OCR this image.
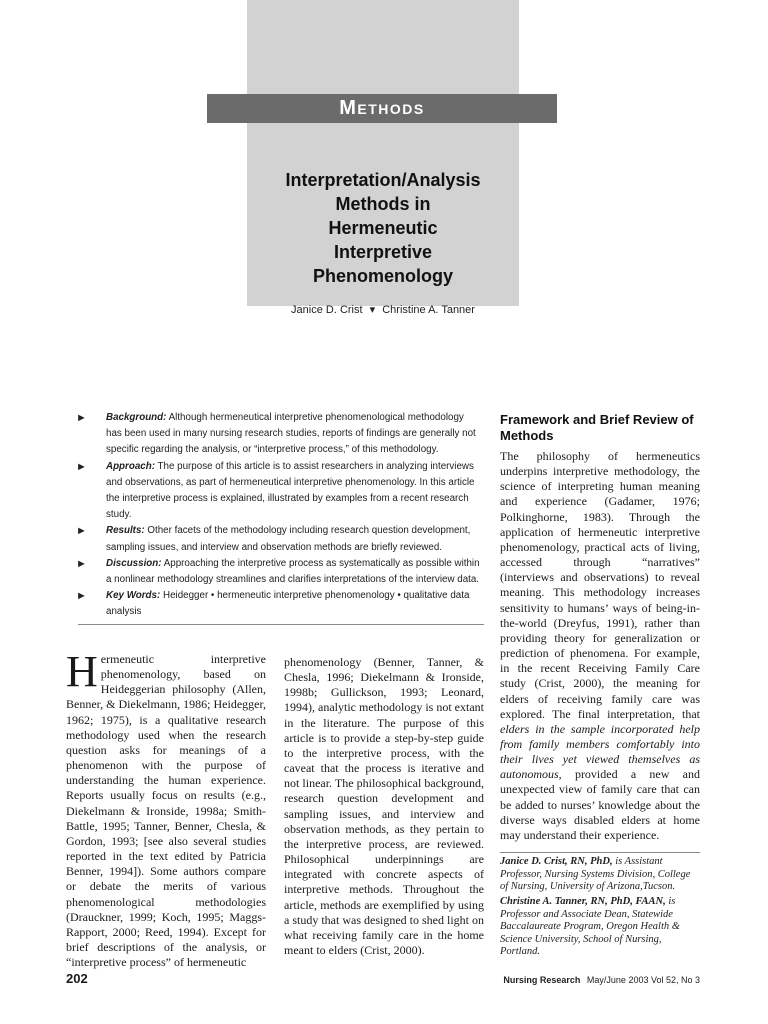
Methods
Interpretation/Analysis
Methods in
Hermeneutic
Interpretive
Phenomenology
Janice D. Crist ▾ Christine A. Tanner
► Background: Although hermeneutical interpretive phenomenological methodology has been used in many nursing research studies, reports of findings are generally not specific regarding the analysis, or “interpretive process,” of this methodology.
► Approach: The purpose of this article is to assist researchers in analyzing interviews and observations, as part of hermeneutical interpretive phenomenology. In this article the interpretive process is explained, illustrated by examples from a recent research study.
► Results: Other facets of the methodology including research question development, sampling issues, and interview and observation methods are briefly reviewed.
► Discussion: Approaching the interpretive process as systematically as possible within a nonlinear methodology streamlines and clarifies interpretations of the interview data.
► Key Words: Heidegger • hermeneutic interpretive phenomenology • qualitative data analysis
H ermeneutic interpretive phenomenology, based on Heideggerian philosophy (Allen, Benner, & Diekelmann, 1986; Heidegger, 1962; 1975), is a qualitative research methodology used when the research question asks for meanings of a phenomenon with the purpose of understanding the human experience. Reports usually focus on results (e.g., Diekelmann & Ironside, 1998a; Smith-Battle, 1995; Tanner, Benner, Chesla, & Gordon, 1993; [see also several studies reported in the text edited by Patricia Benner, 1994]). Some authors compare or debate the merits of various phenomenological methodologies (Drauckner, 1999; Koch, 1995; Maggs-Rapport, 2000; Reed, 1994). Except for brief descriptions of the analysis, or “interpretive process” of hermeneutic
phenomenology (Benner, Tanner, & Chesla, 1996; Diekelmann & Ironside, 1998b; Gullickson, 1993; Leonard, 1994), analytic methodology is not extant in the literature. The purpose of this article is to provide a step-by-step guide to the interpretive process, with the caveat that the process is iterative and not linear. The philosophical background, research question development and sampling issues, and interview and observation methods, as they pertain to the interpretive process, are reviewed. Philosophical underpinnings are integrated with concrete aspects of interpretive methods. Throughout the article, methods are exemplified by using a study that was designed to shed light on what receiving family care in the home meant to elders (Crist, 2000).
Framework and Brief Review of Methods
The philosophy of hermeneutics underpins interpretive methodology, the science of interpreting human meaning and experience (Gadamer, 1976; Polkinghorne, 1983). Through the application of hermeneutic interpretive phenomenology, practical acts of living, accessed through “narratives” (interviews and observations) to reveal meaning. This methodology increases sensitivity to humans’ ways of being-in-the-world (Dreyfus, 1991), rather than providing theory for generalization or prediction of phenomena. For example, in the recent Receiving Family Care study (Crist, 2000), the meaning for elders of receiving family care was explored. The final interpretation, that elders in the sample incorporated help from family members comfortably into their lives yet viewed themselves as autonomous, provided a new and unexpected view of family care that can be added to nurses’ knowledge about the diverse ways disabled elders at home may understand their experience.
Janice D. Crist, RN, PhD, is Assistant Professor, Nursing Systems Division, College of Nursing, University of Arizona,Tucson.
Christine A. Tanner, RN, PhD, FAAN, is Professor and Associate Dean, Statewide Baccalaureate Program, Oregon Health & Science University, School of Nursing, Portland.
202	Nursing Research May/June 2003 Vol 52, No 3
